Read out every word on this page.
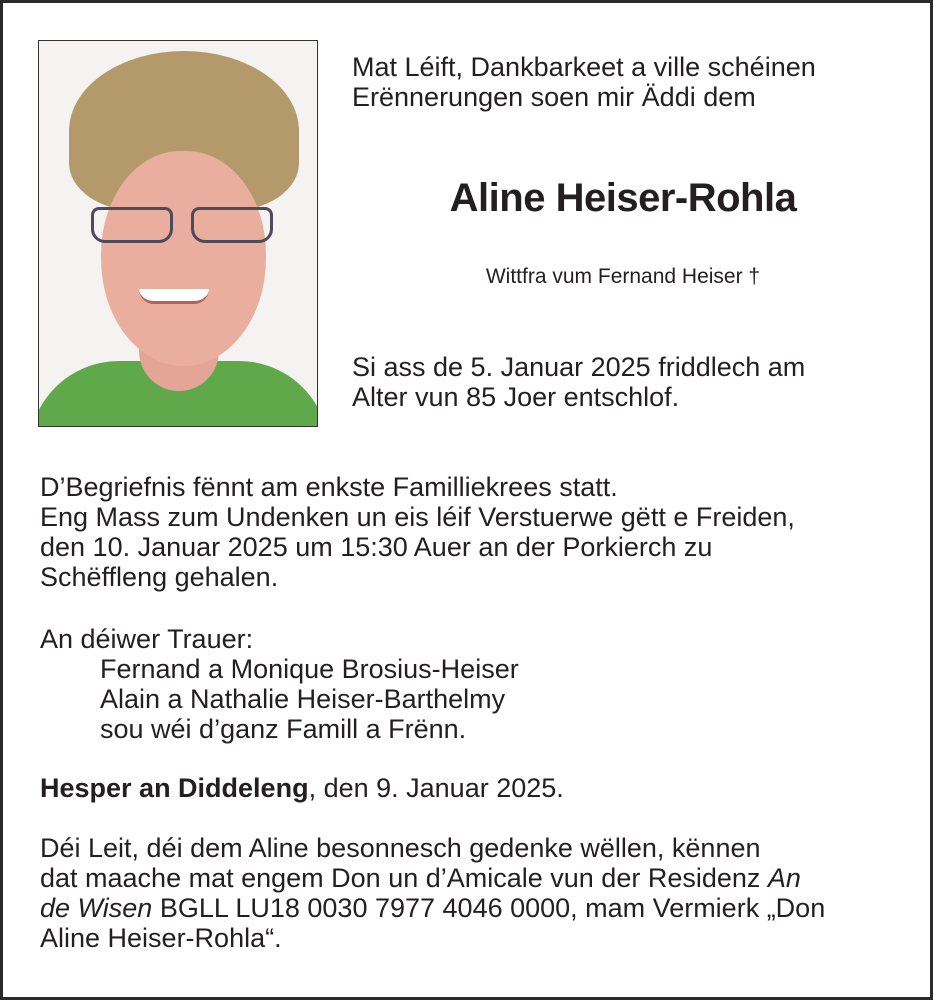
Mat Léift, Dankbarkeet a ville schéinen
Erënnerungen soen mir Äddi dem
Aline Heiser-Rohla
Wittfra vum Fernand Heiser †
Si ass de 5. Januar 2025 friddlech am
Alter vun 85 Joer entschlof.
D’Begriefnis fënnt am enkste Familliekrees statt.
Eng Mass zum Undenken un eis léif Verstuerwe gëtt e Freiden,
den 10. Januar 2025 um 15:30 Auer an der Porkierch zu
Schëffleng gehalen.
An déiwer Trauer:
Fernand a Monique Brosius-Heiser
Alain a Nathalie Heiser-Barthelmy
sou wéi d’ganz Famill a Frënn.
Hesper an Diddeleng, den 9. Januar 2025.
Déi Leit, déi dem Aline besonnesch gedenke wëllen, kënnen
dat maache mat engem Don un d’Amicale vun der Residenz An
de Wisen BGLL LU18 0030 7977 4046 0000, mam Vermierk „Don
Aline Heiser-Rohla“.
